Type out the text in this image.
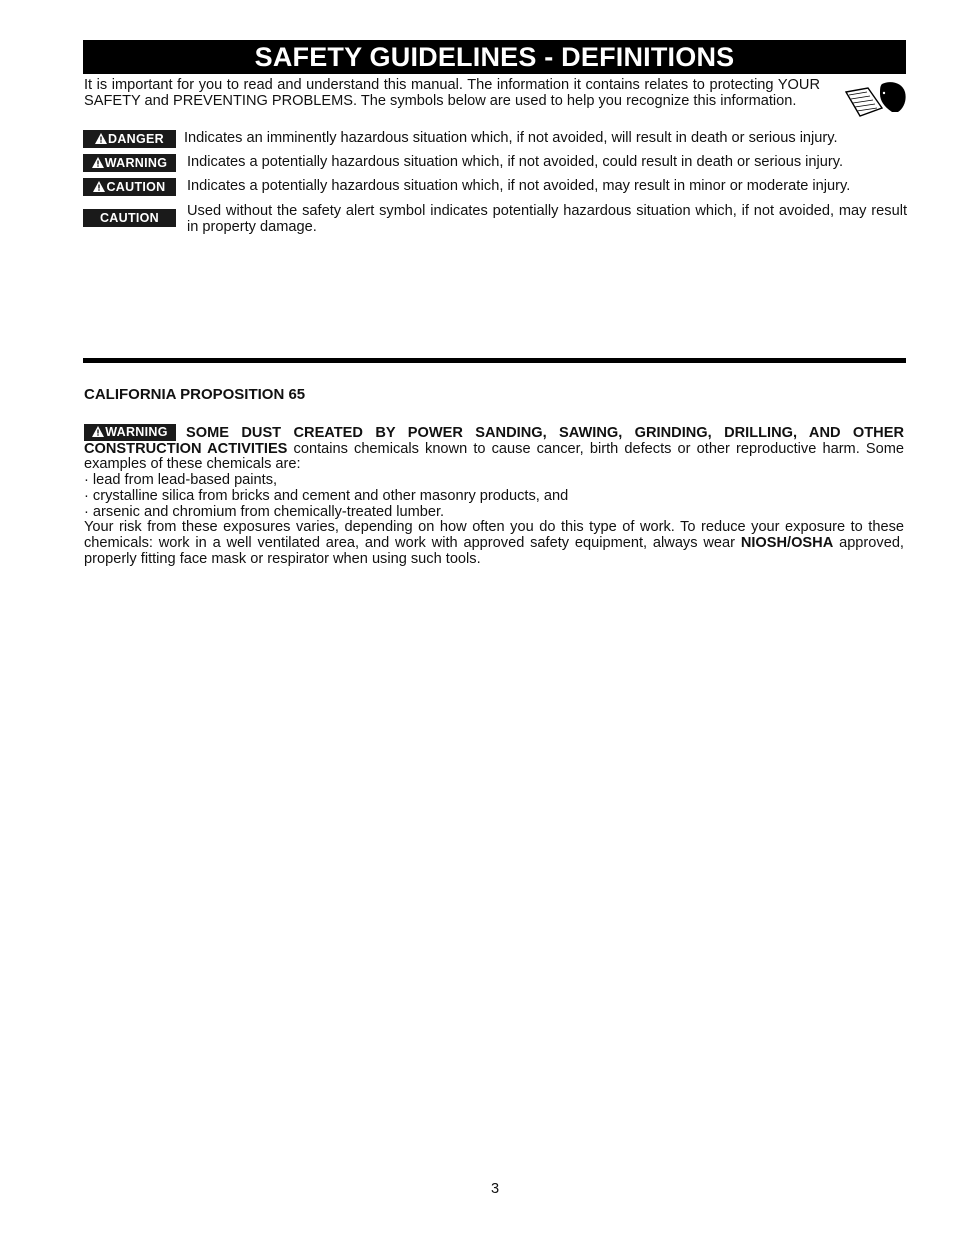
SAFETY GUIDELINES - DEFINITIONS
It is important for you to read and understand this manual. The information it contains relates to protecting YOUR SAFETY and PREVENTING PROBLEMS. The symbols below are used to help you recognize this information.
DANGER	Indicates an imminently hazardous situation which, if not avoided, will result in death or serious injury.
WARNING	Indicates a potentially hazardous situation which, if not avoided, could result in death or serious injury.
CAUTION	Indicates a potentially hazardous situation which, if not avoided, may result in minor or moderate injury.
CAUTION	Used without the safety alert symbol indicates potentially hazardous situation which, if not avoided, may result in property damage.
CALIFORNIA PROPOSITION 65

WARNING SOME DUST CREATED BY POWER SANDING, SAWING, GRINDING, DRILLING, AND OTHER CONSTRUCTION ACTIVITIES contains chemicals known to cause cancer, birth defects or other reproductive harm. Some examples of these chemicals are:

· lead from lead-based paints,

· crystalline silica from bricks and cement and other masonry products, and

· arsenic and chromium from chemically-treated lumber.

Your risk from these exposures varies, depending on how often you do this type of work. To reduce your exposure to these chemicals: work in a well ventilated area, and work with approved safety equipment, always wear NIOSH/OSHA approved, properly fitting face mask or respirator when using such tools.

3
